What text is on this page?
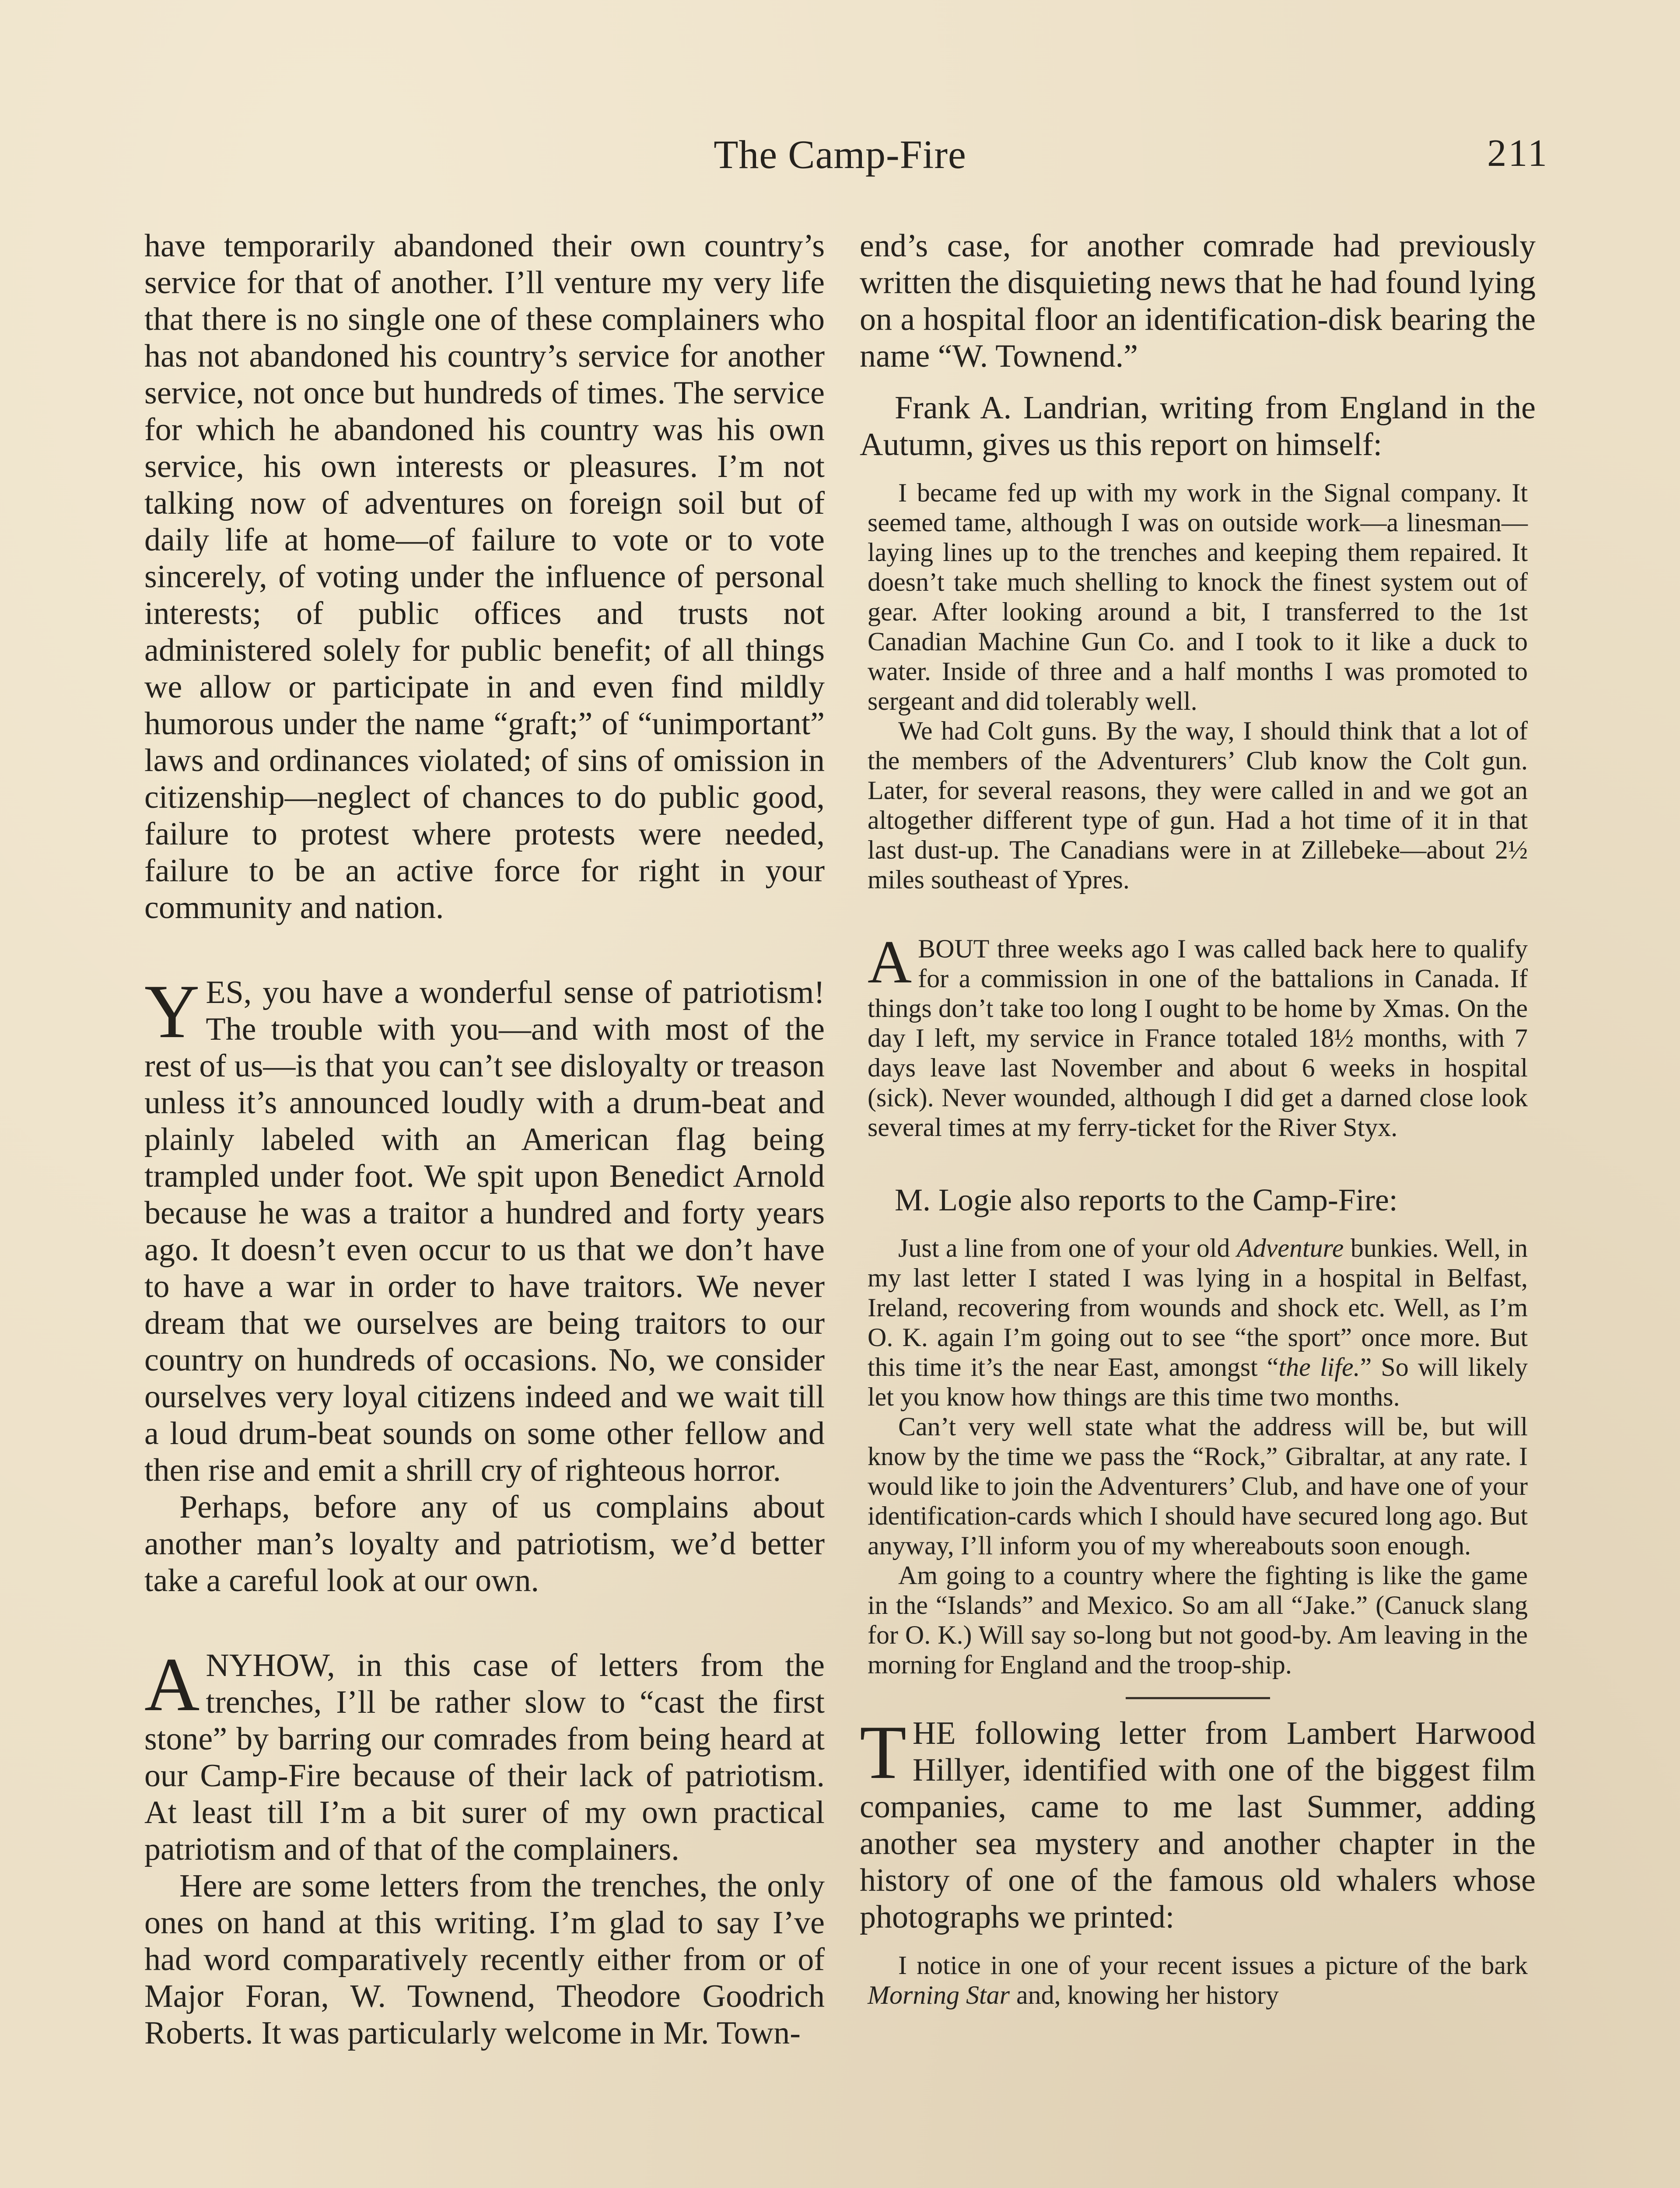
The Camp-Fire	211

have temporarily abandoned their own country’s service for that of another. I’ll venture my very life that there is no single one of these complainers who has not abandoned his country’s service for another service, not once but hundreds of times. The service for which he abandoned his country was his own service, his own interests or pleasures. I’m not talking now of adventures on foreign soil but of daily life at home—of failure to vote or to vote sincerely, of voting under the influence of personal interests; of public offices and trusts not administered solely for public benefit; of all things we allow or participate in and even find mildly humorous under the name “graft;” of “unimportant” laws and ordinances violated; of sins of omission in citizenship—neglect of chances to do public good, failure to protest where protests were needed, failure to be an active force for right in your community and nation.

YES, you have a wonderful sense of patriotism! The trouble with you—and with most of the rest of us—is that you can’t see disloyalty or treason unless it’s announced loudly with a drum-beat and plainly labeled with an American flag being trampled under foot. We spit upon Benedict Arnold because he was a traitor a hundred and forty years ago. It doesn’t even occur to us that we don’t have to have a war in order to have traitors. We never dream that we ourselves are being traitors to our country on hundreds of occasions. No, we consider ourselves very loyal citizens indeed and we wait till a loud drum-beat sounds on some other fellow and then rise and emit a shrill cry of righteous horror.

Perhaps, before any of us complains about another man’s loyalty and patriotism, we’d better take a careful look at our own.

ANYHOW, in this case of letters from the trenches, I’ll be rather slow to “cast the first stone” by barring our comrades from being heard at our Camp-Fire because of their lack of patriotism. At least till I’m a bit surer of my own practical patriotism and of that of the complainers.

Here are some letters from the trenches, the only ones on hand at this writing. I’m glad to say I’ve had word comparatively recently either from or of Major Foran, W. Townend, Theodore Goodrich Roberts. It was particularly welcome in Mr. Town-

end’s case, for another comrade had previously written the disquieting news that he had found lying on a hospital floor an identification-disk bearing the name “W. Townend.”

Frank A. Landrian, writing from England in the Autumn, gives us this report on himself:

I became fed up with my work in the Signal company. It seemed tame, although I was on outside work—a linesman—laying lines up to the trenches and keeping them repaired. It doesn’t take much shelling to knock the finest system out of gear. After looking around a bit, I transferred to the 1st Canadian Machine Gun Co. and I took to it like a duck to water. Inside of three and a half months I was promoted to sergeant and did tolerably well.

We had Colt guns. By the way, I should think that a lot of the members of the Adventurers’ Club know the Colt gun. Later, for several reasons, they were called in and we got an altogether different type of gun. Had a hot time of it in that last dust-up. The Canadians were in at Zillebeke—about 2½ miles southeast of Ypres.

ABOUT three weeks ago I was called back here to qualify for a commission in one of the battalions in Canada. If things don’t take too long I ought to be home by Xmas. On the day I left, my service in France totaled 18½ months, with 7 days leave last November and about 6 weeks in hospital (sick). Never wounded, although I did get a darned close look several times at my ferry-ticket for the River Styx.

M. Logie also reports to the Camp-Fire:

Just a line from one of your old Adventure bunkies. Well, in my last letter I stated I was lying in a hospital in Belfast, Ireland, recovering from wounds and shock etc. Well, as I’m O. K. again I’m going out to see “the sport” once more. But this time it’s the near East, amongst “the life.” So will likely let you know how things are this time two months.

Can’t very well state what the address will be, but will know by the time we pass the “Rock,” Gibraltar, at any rate. I would like to join the Adventurers’ Club, and have one of your identification-cards which I should have secured long ago. But anyway, I’ll inform you of my whereabouts soon enough.

Am going to a country where the fighting is like the game in the “Islands” and Mexico. So am all “Jake.” (Canuck slang for O. K.) Will say so-long but not good-by. Am leaving in the morning for England and the troop-ship.

THE following letter from Lambert Harwood Hillyer, identified with one of the biggest film companies, came to me last Summer, adding another sea mystery and another chapter in the history of one of the famous old whalers whose photographs we printed:

I notice in one of your recent issues a picture of the bark Morning Star and, knowing her history
